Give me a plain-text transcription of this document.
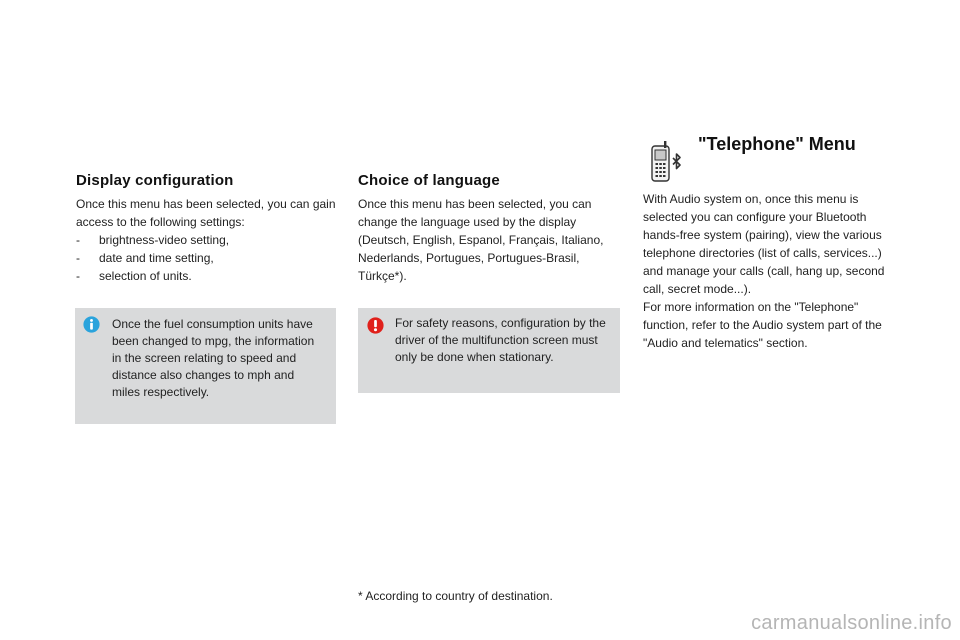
Display configuration

Once this menu has been selected, you can gain access to the following settings:

- brightness-video setting,
- date and time setting,
- selection of units.
Once the fuel consumption units have been changed to mpg, the information in the screen relating to speed and distance also changes to mph and miles respectively.
Choice of language
Once this menu has been selected, you can change the language used by the display (Deutsch, English, Espanol, Français, Italiano, Nederlands, Portugues, Portugues-Brasil, Türkçe*).
For safety reasons, configuration by the driver of the multifunction screen must only be done when stationary.
"Telephone" Menu

With Audio system on, once this menu is selected you can configure your Bluetooth hands-free system (pairing), view the various telephone directories (list of calls, services...) and manage your calls (call, hang up, second call, secret mode...).

For more information on the "Telephone" function, refer to the Audio system part of the "Audio and telematics" section.

* According to country of destination.
carmanualsonline.info
